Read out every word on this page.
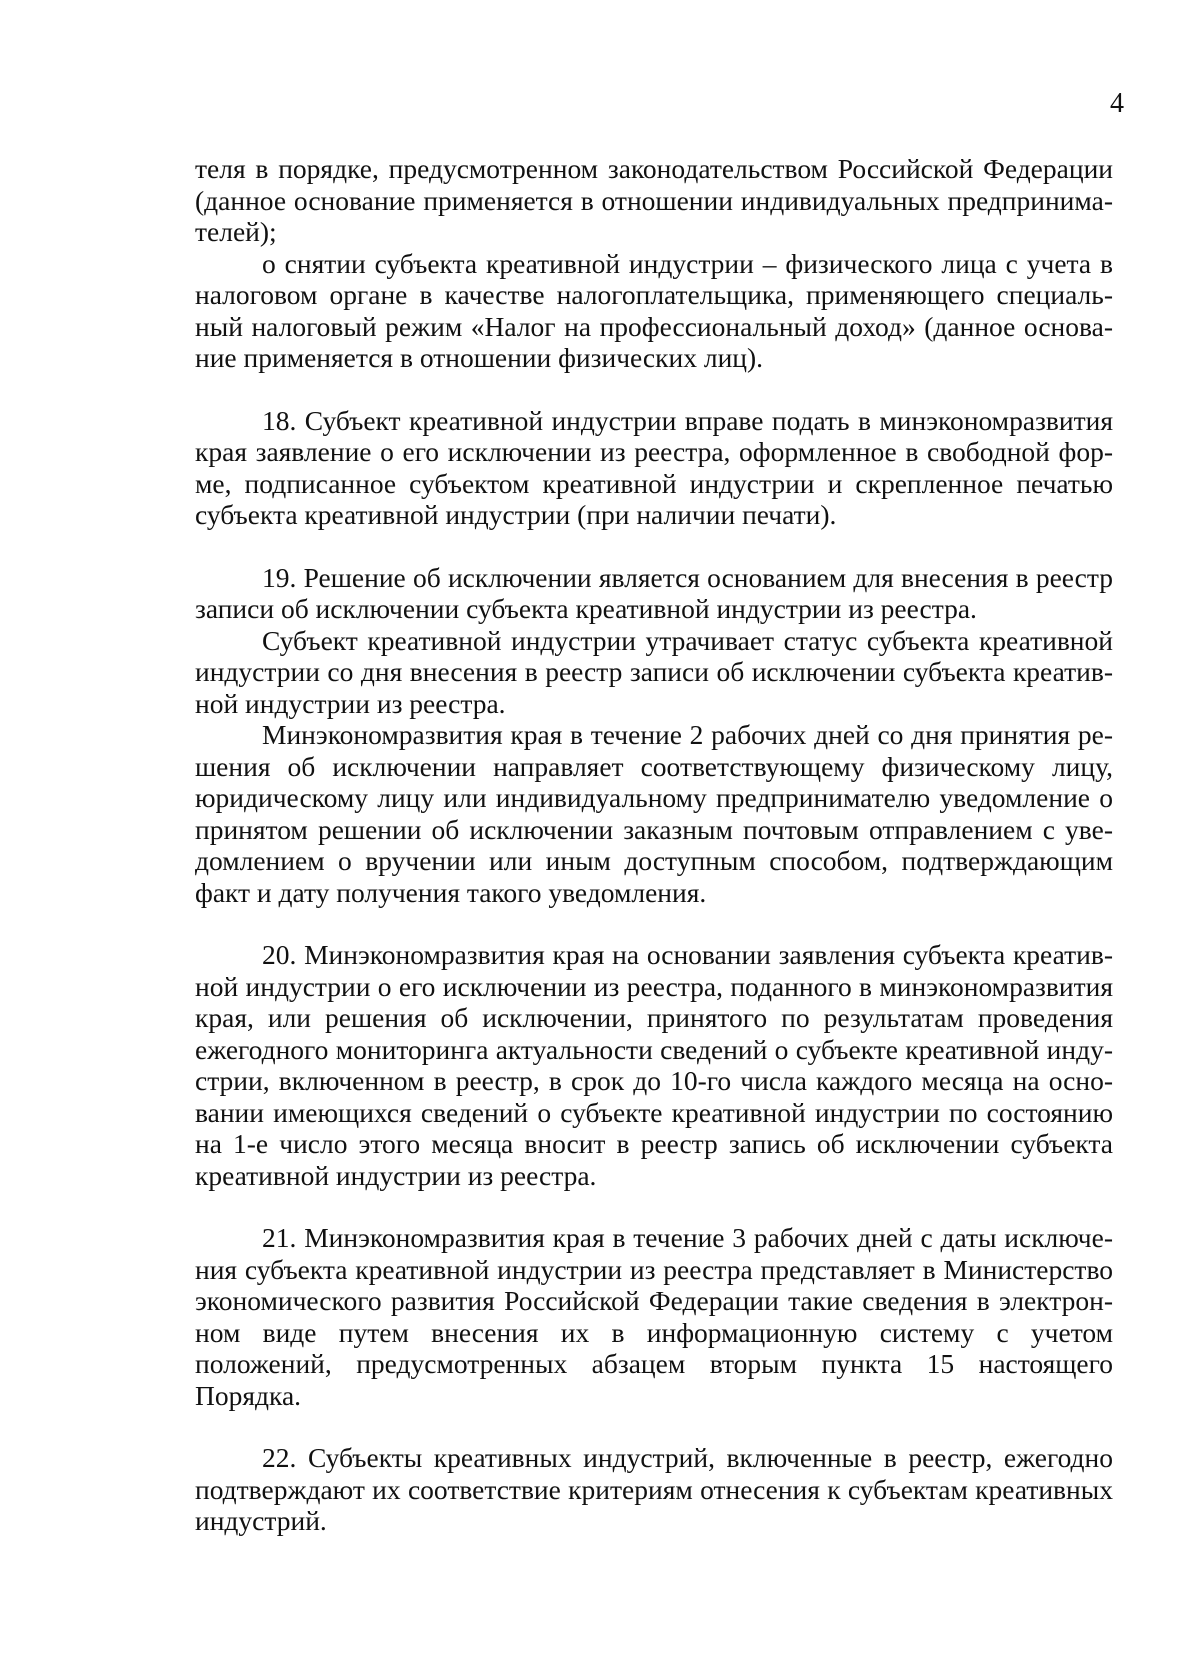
4

теля в порядке, предусмотренном законодательством Российской Федерации (данное основание применяется в отношении индивидуальных предпринимателей);

о снятии субъекта креативной индустрии – физического лица с учета в налоговом органе в качестве налогоплательщика, применяющего специальный налоговый режим «Налог на профессиональный доход» (данное основание применяется в отношении физических лиц).

18. Субъект креативной индустрии вправе подать в минэкономразвития края заявление о его исключении из реестра, оформленное в свободной форме, подписанное субъектом креативной индустрии и скрепленное печатью субъекта креативной индустрии (при наличии печати).

19. Решение об исключении является основанием для внесения в реестр записи об исключении субъекта креативной индустрии из реестра.

Субъект креативной индустрии утрачивает статус субъекта креативной индустрии со дня внесения в реестр записи об исключении субъекта креативной индустрии из реестра.

Минэкономразвития края в течение 2 рабочих дней со дня принятия решения об исключении направляет соответствующему физическому лицу, юридическому лицу или индивидуальному предпринимателю уведомление о принятом решении об исключении заказным почтовым отправлением с уведомлением о вручении или иным доступным способом, подтверждающим факт и дату получения такого уведомления.

20. Минэкономразвития края на основании заявления субъекта креативной индустрии о его исключении из реестра, поданного в минэкономразвития края, или решения об исключении, принятого по результатам проведения ежегодного мониторинга актуальности сведений о субъекте креативной индустрии, включенном в реестр, в срок до 10-го числа каждого месяца на основании имеющихся сведений о субъекте креативной индустрии по состоянию на 1-е число этого месяца вносит в реестр запись об исключении субъекта креативной индустрии из реестра.

21. Минэкономразвития края в течение 3 рабочих дней с даты исключения субъекта креативной индустрии из реестра представляет в Министерство экономического развития Российской Федерации такие сведения в электронном виде путем внесения их в информационную систему с учетом положений, предусмотренных абзацем вторым пункта 15 настоящего Порядка.

22. Субъекты креативных индустрий, включенные в реестр, ежегодно подтверждают их соответствие критериям отнесения к субъектам креативных индустрий.
